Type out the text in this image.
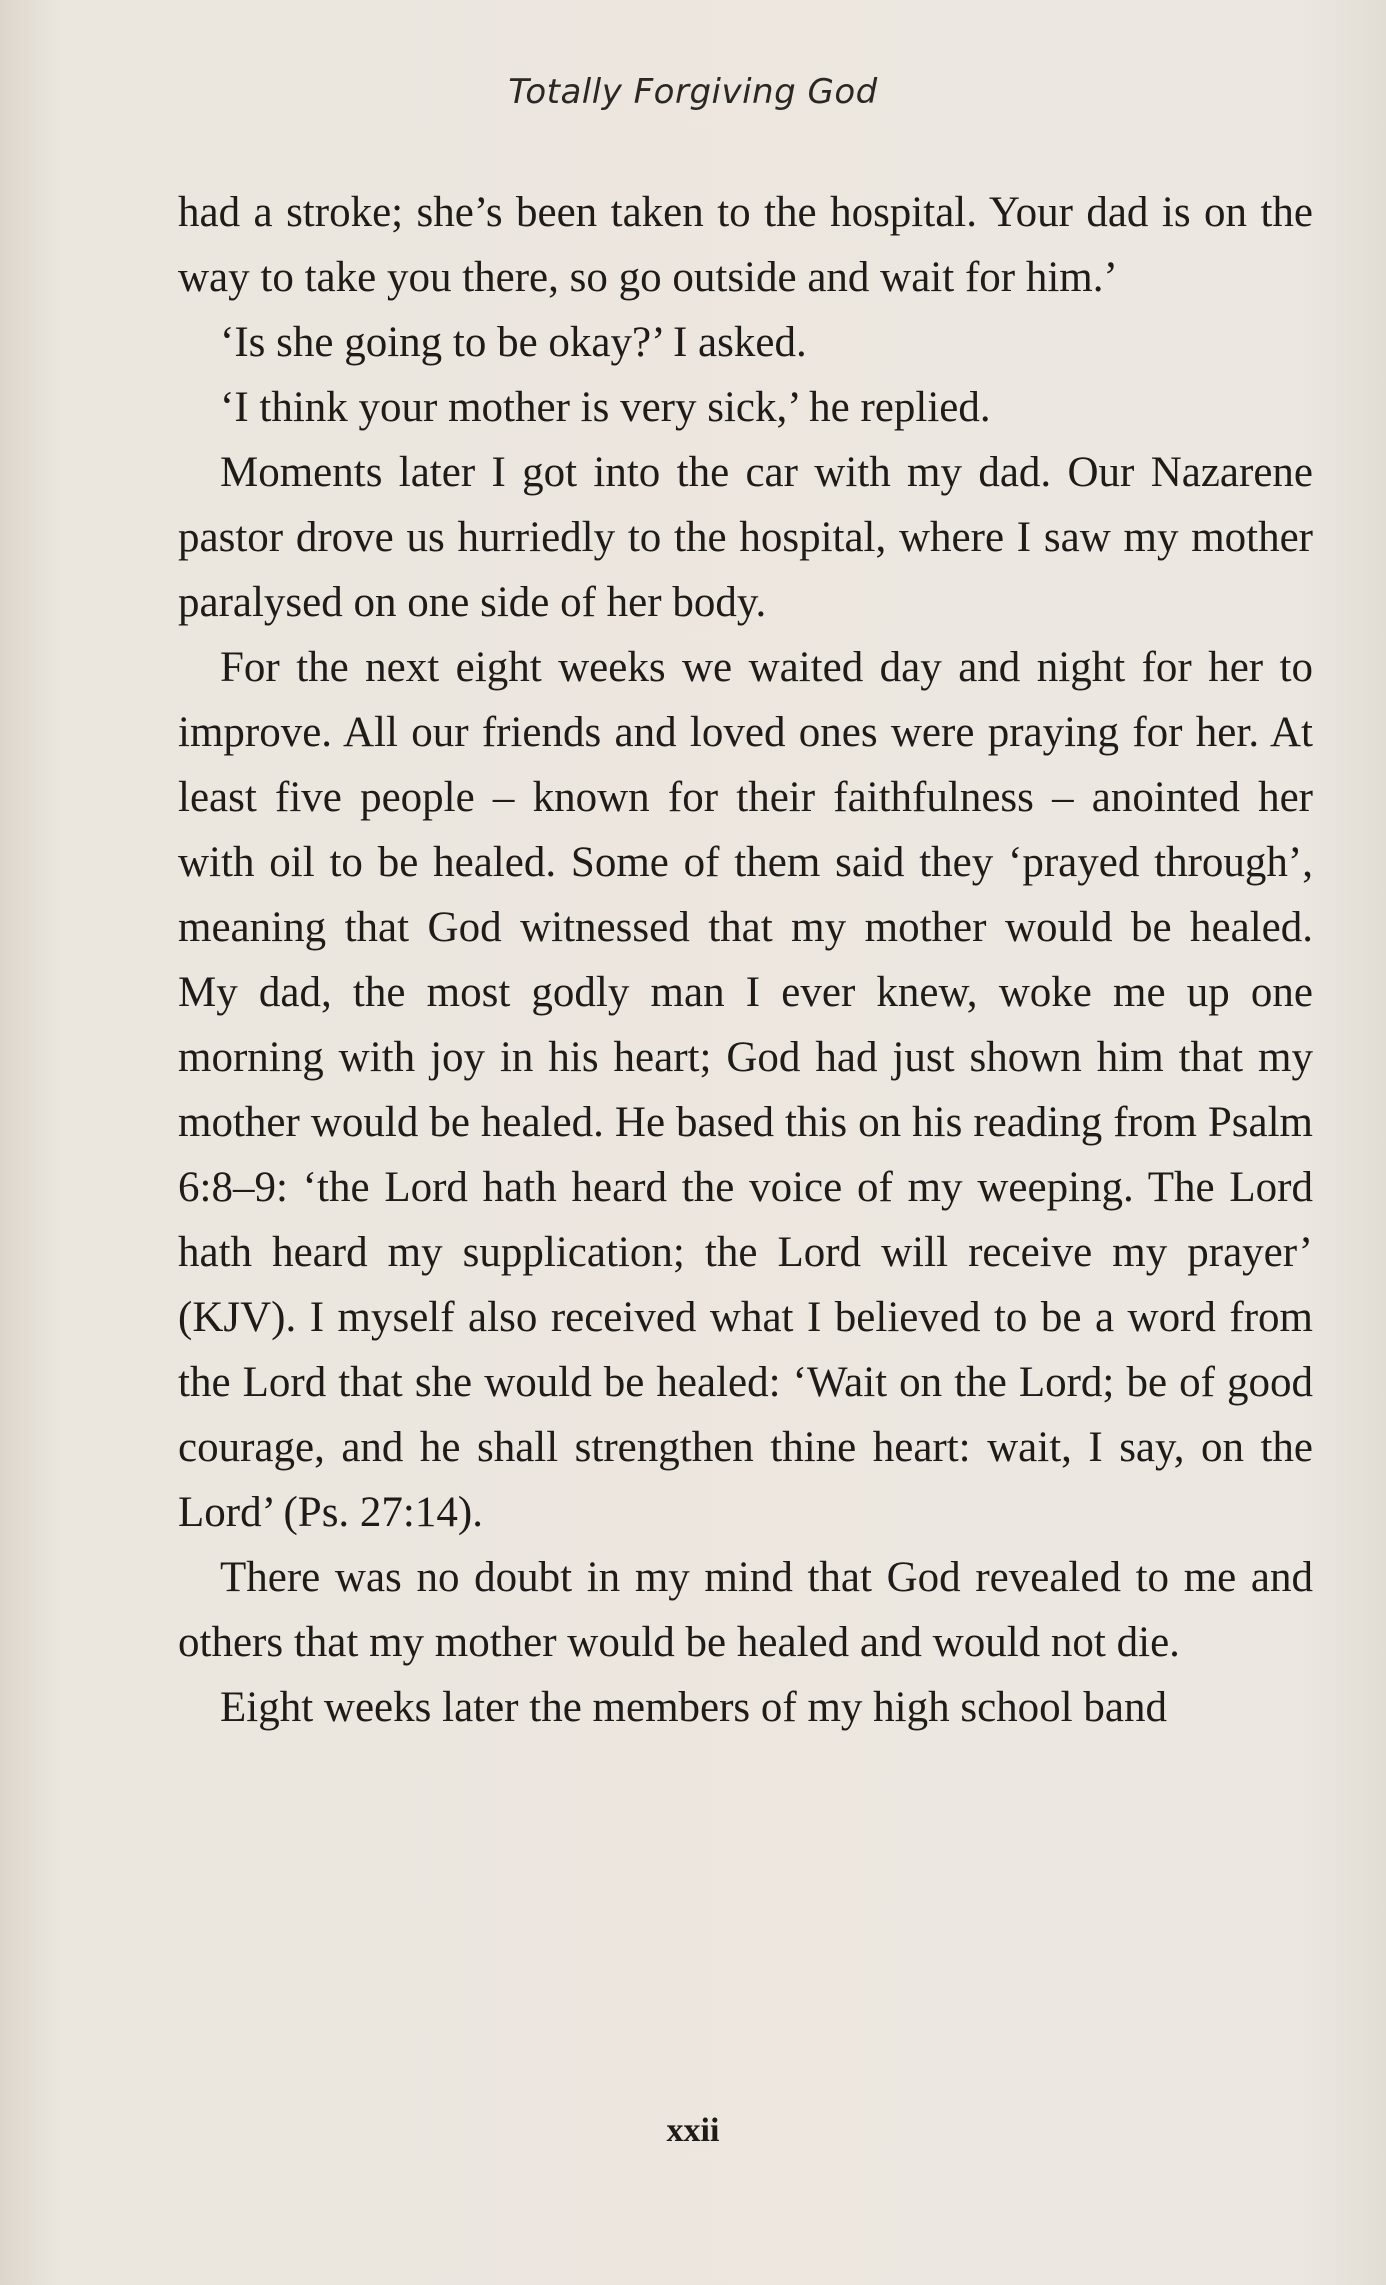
Totally Forgiving God

had a stroke; she’s been taken to the hospital. Your dad is on the way to take you there, so go outside and wait for him.’

‘Is she going to be okay?’ I asked.

‘I think your mother is very sick,’ he replied.

Moments later I got into the car with my dad. Our Nazarene pastor drove us hurriedly to the hospital, where I saw my mother paralysed on one side of her body.

For the next eight weeks we waited day and night for her to improve. All our friends and loved ones were praying for her. At least five people – known for their faithfulness – anointed her with oil to be healed. Some of them said they ‘prayed through’, meaning that God witnessed that my mother would be healed. My dad, the most godly man I ever knew, woke me up one morning with joy in his heart; God had just shown him that my mother would be healed. He based this on his reading from Psalm 6:8–9: ‘the Lord hath heard the voice of my weeping. The Lord hath heard my supplication; the Lord will receive my prayer’ (KJV). I myself also received what I believed to be a word from the Lord that she would be healed: ‘Wait on the Lord; be of good courage, and he shall strengthen thine heart: wait, I say, on the Lord’ (Ps. 27:14).

There was no doubt in my mind that God revealed to me and others that my mother would be healed and would not die.

Eight weeks later the members of my high school band

xxii
